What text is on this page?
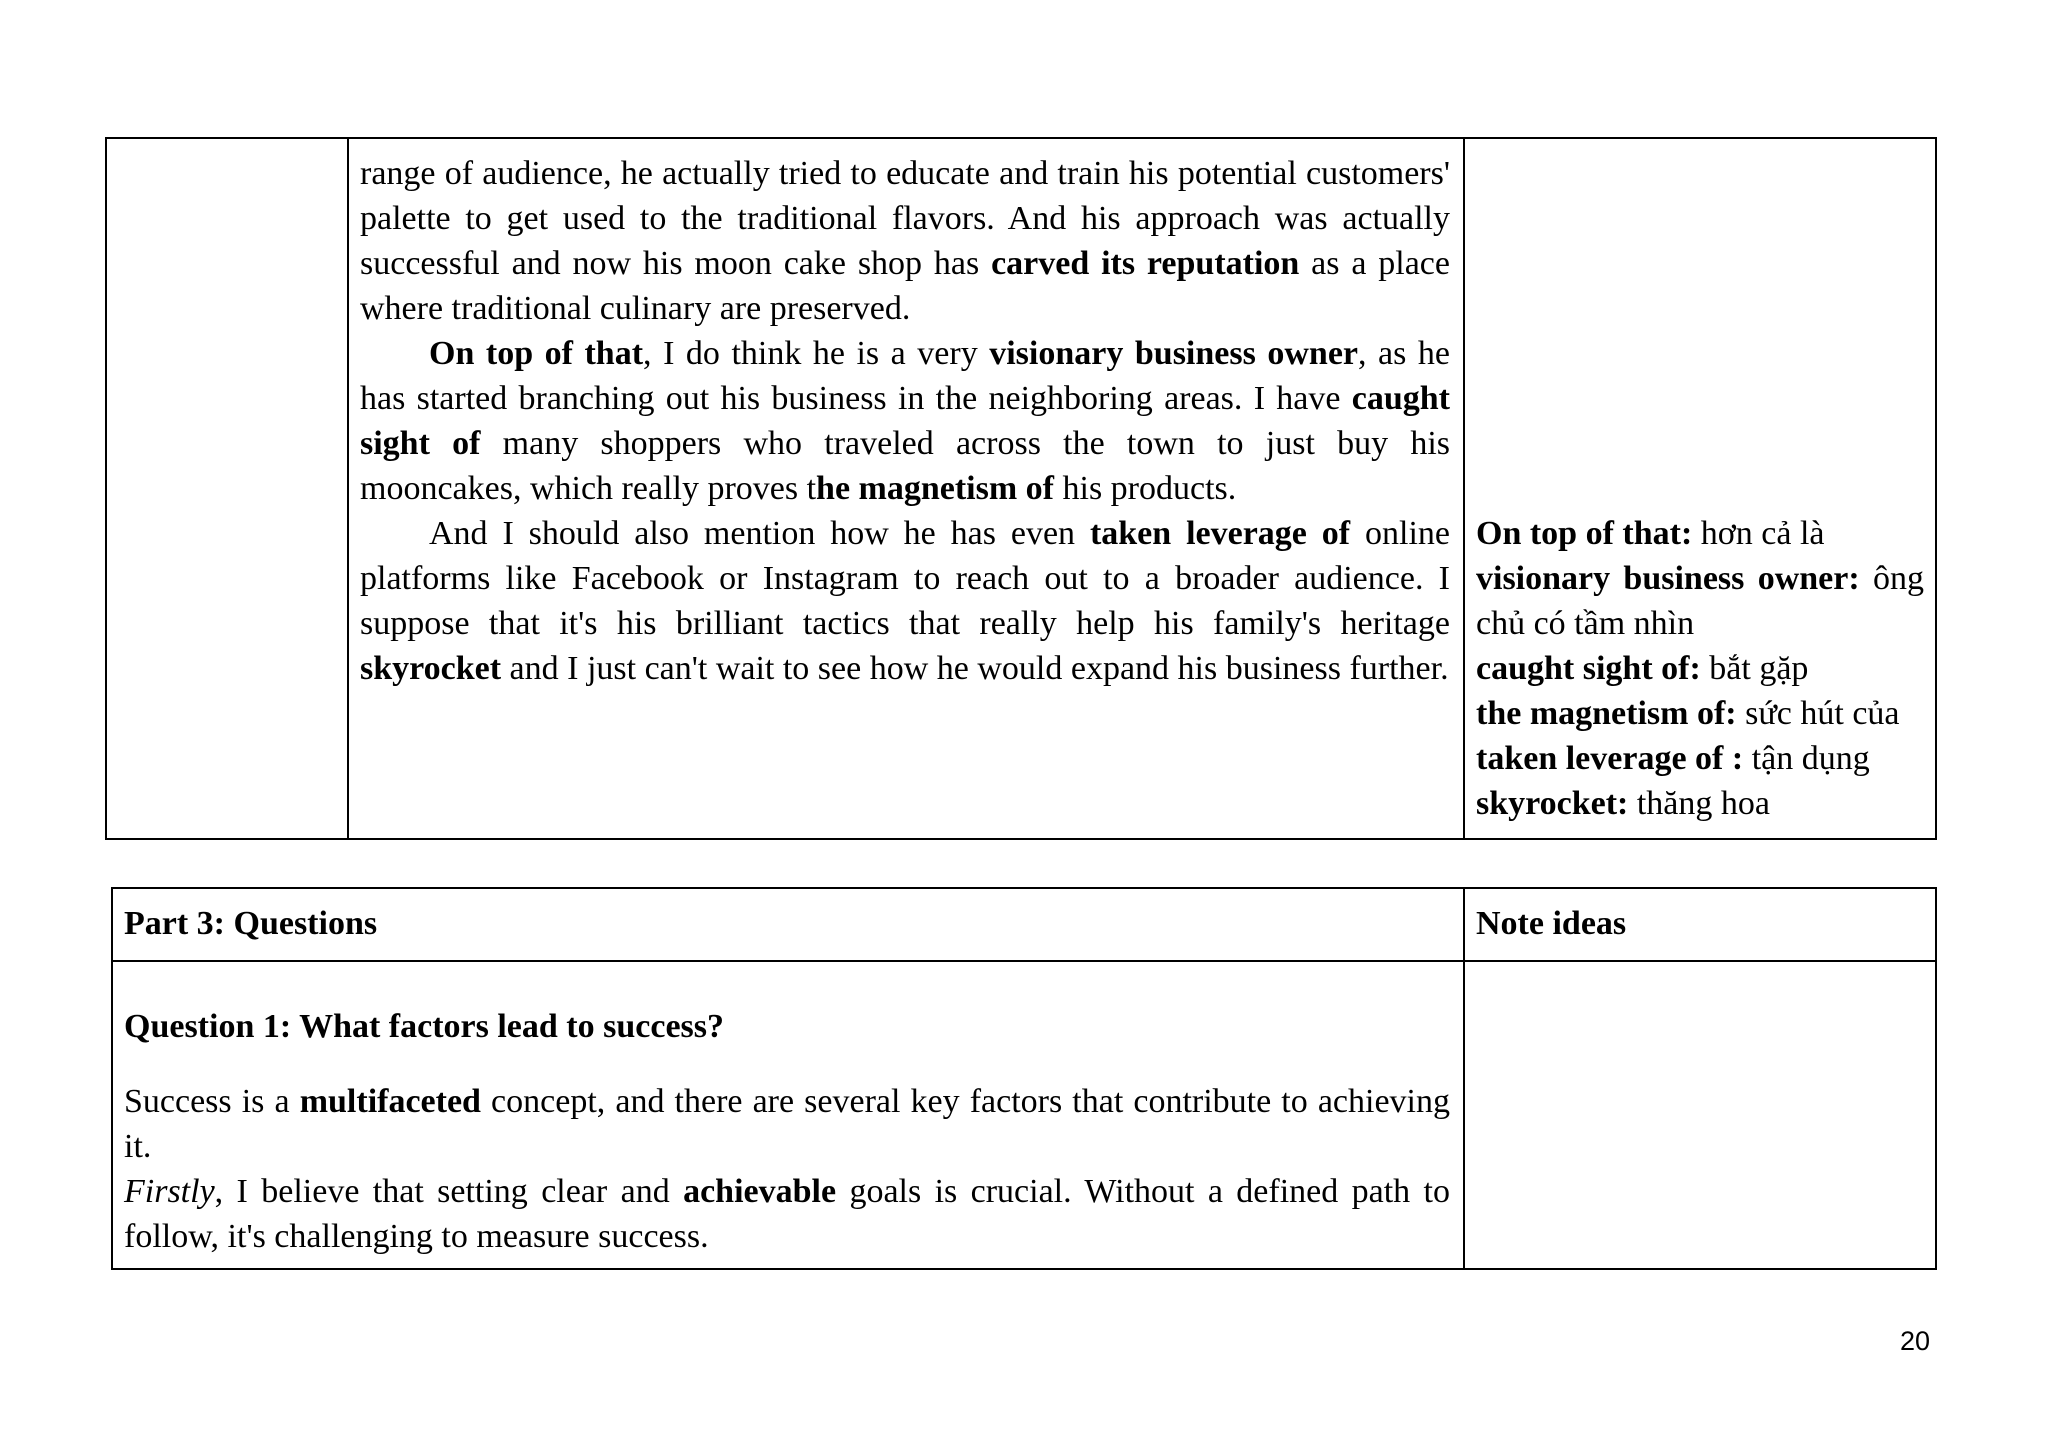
range of audience, he actually tried to educate and train his potential customers'
palette to get used to the traditional flavors. And his approach was actually
successful and now his moon cake shop has carved its reputation as a place
where traditional culinary are preserved.
On top of that, I do think he is a very visionary business owner, as he
has started branching out his business in the neighboring areas. I have caught
sight of many shoppers who traveled across the town to just buy his
mooncakes, which really proves the magnetism of his products.
And I should also mention how he has even taken leverage of online
platforms like Facebook or Instagram to reach out to a broader audience. I
suppose that it's his brilliant tactics that really help his family's heritage
skyrocket and I just can't wait to see how he would expand his business further.
On top of that: hơn cả là
visionary business owner: ông
chủ có tầm nhìn
caught sight of: bắt gặp
the magnetism of: sức hút của
taken leverage of : tận dụng
skyrocket: thăng hoa
Part 3: Questions	Note ideas
Question 1: What factors lead to success?
Success is a multifaceted concept, and there are several key factors that contribute to achieving
it.
Firstly, I believe that setting clear and achievable goals is crucial. Without a defined path to
follow, it's challenging to measure success.
20
